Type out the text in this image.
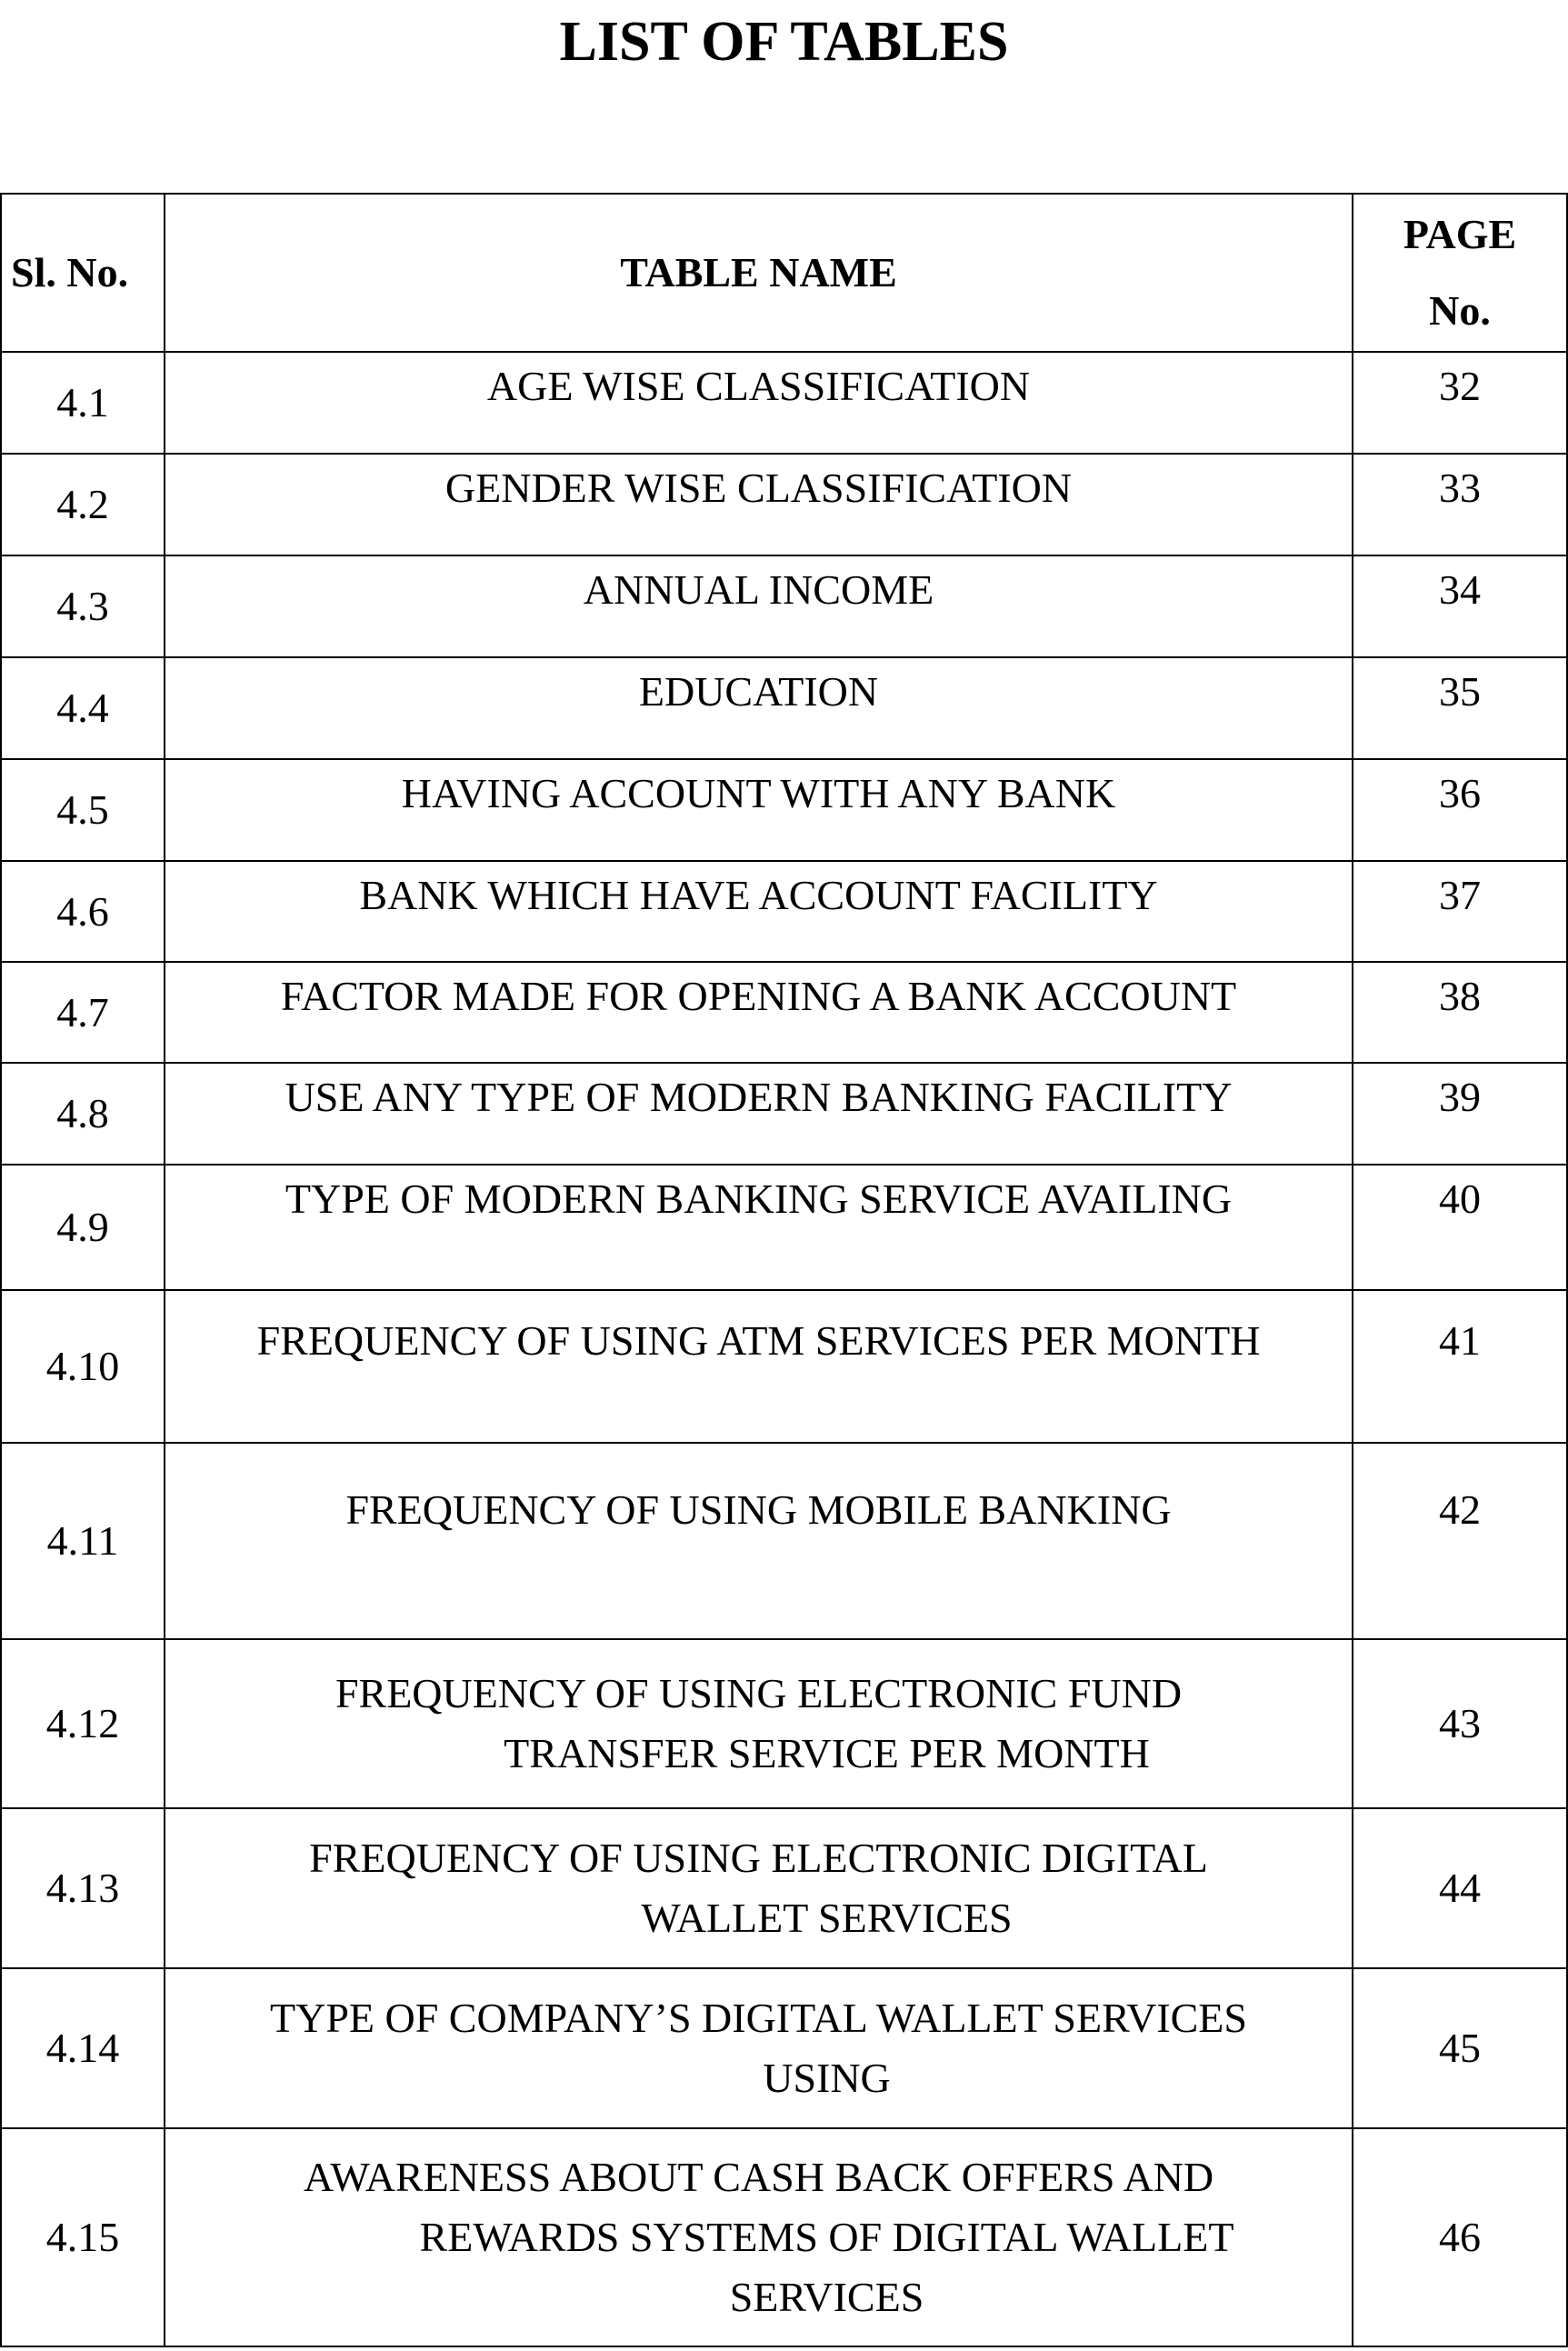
LIST OF TABLES
Sl. No.	TABLE NAME	PAGE
No.
4.1	AGE WISE CLASSIFICATION	32
4.2	GENDER WISE CLASSIFICATION	33
4.3	ANNUAL INCOME	34
4.4	EDUCATION	35
4.5	HAVING ACCOUNT WITH ANY BANK	36
4.6	BANK WHICH HAVE ACCOUNT FACILITY	37
4.7	FACTOR MADE FOR OPENING A BANK ACCOUNT	38
4.8	USE ANY TYPE OF MODERN BANKING FACILITY	39
4.9	TYPE OF MODERN BANKING SERVICE AVAILING	40
4.10	FREQUENCY OF USING ATM SERVICES PER MONTH	41
4.11	FREQUENCY OF USING MOBILE BANKING	42
4.12	FREQUENCY OF USING ELECTRONIC FUND
TRANSFER SERVICE PER MONTH	43
4.13	FREQUENCY OF USING ELECTRONIC DIGITAL
WALLET SERVICES	44
4.14	TYPE OF COMPANY’S DIGITAL WALLET SERVICES
USING	45
4.15	AWARENESS ABOUT CASH BACK OFFERS AND
REWARDS SYSTEMS OF DIGITAL WALLET
SERVICES	46
